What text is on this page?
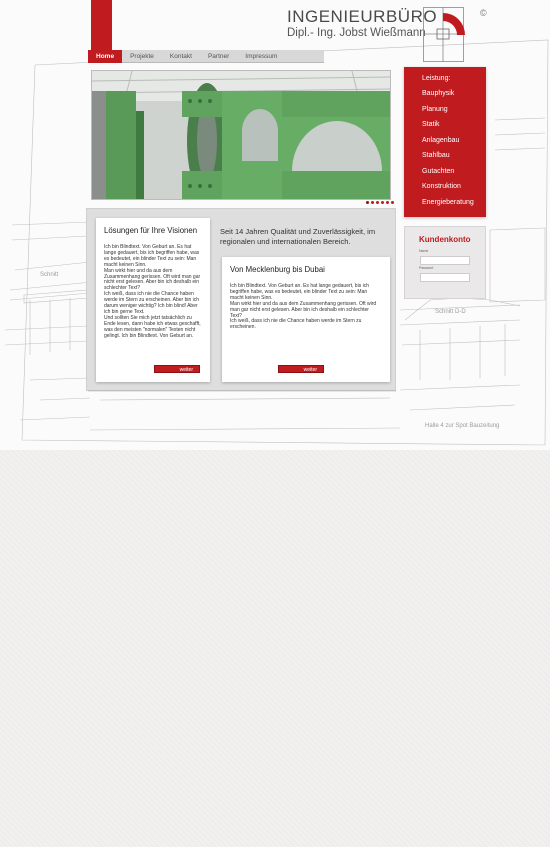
Schnitt
Schnitt D-D
Halle 4 zur Spot Bauzeitung
INGENIEURBÜRO
Dipl.- Ing. Jobst Wießmann
©
Home	Projekte	Kontakt	Partner	Impressum
Leistung:
Bauphysik
Planung
Statik
Anlagenbau
Stahlbau
Gutachten
Konstruktion
Energieberatung
Kundenkonto
Name
Passwort
Lösungen für Ihre Visionen

Ich bin Blindtext. Von Geburt an. Es hat lange gedauert, bis ich begriffen habe, was es bedeutet, ein blinder Text zu sein: Man macht keinen Sinn.
Man wirkt hier und da aus dem Zusammenhang gerissen. Oft wird man gar nicht erst gelesen. Aber bin ich deshalb ein schlechter Text?
Ich weiß, dass ich nie die Chance haben werde im Stern zu erscheinen. Aber bin ich darum weniger wichtig? Ich bin blind! Aber ich bin gerne Text.
Und sollten Sie mich jetzt tatsächlich zu Ende lesen, dann habe ich etwas geschafft, was den meisten "normalen" Texten nicht gelingt. Ich bin Blindtext. Von Geburt an.

weiter
Seit 14 Jahren Qualität und Zuverlässigkeit, im regionalen und internationalen Bereich.
Von Mecklenburg bis Dubai

Ich bin Blindtext. Von Geburt an. Es hat lange gedauert, bis ich begriffen habe, was es bedeutet, ein blinder Text zu sein: Man macht keinen Sinn.
Man wirkt hier und da aus dem Zusammenhang gerissen. Oft wird man gar nicht erst gelesen. Aber bin ich deshalb ein schlechter Text?
Ich weiß, dass ich nie die Chance haben werde im Stern zu erscheinen.

weiter
